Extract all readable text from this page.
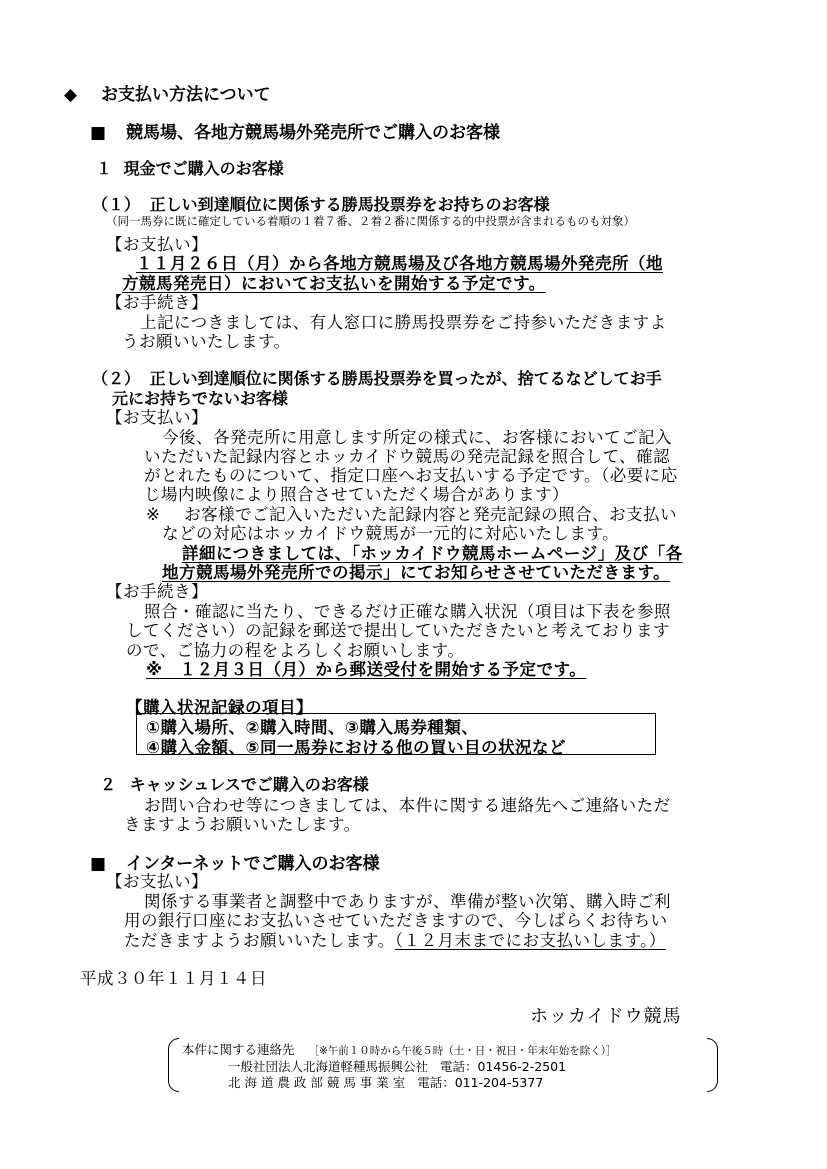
◆ お支払い方法について
■ 競馬場、各地方競馬場外発売所でご購入のお客様
１ 現金でご購入のお客様
（１） 正しい到達順位に関係する勝馬投票券をお持ちのお客様
（同一馬券に既に確定している着順の１着７番、２着２番に関係する的中投票が含まれるものも対象）
【お支払い】
１１月２６日（月）から各地方競馬場及び各地方競馬場外発売所（地
方競馬発売日）においてお支払いを開始する予定です。
【お手続き】
上記につきましては、有人窓口に勝馬投票券をご持参いただきますよ
うお願いいたします。
（２） 正しい到達順位に関係する勝馬投票券を買ったが、捨てるなどしてお手
元にお持ちでないお客様
【お支払い】
今後、各発売所に用意します所定の様式に、お客様においてご記入
いただいた記録内容とホッカイドウ競馬の発売記録を照合して、確認
がとれたものについて、指定口座へお支払いする予定です。（必要に応
じ場内映像により照合させていただく場合があります）
※ お客様でご記入いただいた記録内容と発売記録の照合、お支払い
などの対応はホッカイドウ競馬が一元的に対応いたします。
詳細につきましては、「ホッカイドウ競馬ホームページ」及び「各
地方競馬場外発売所での掲示」にてお知らせさせていただきます。
【お手続き】
照合・確認に当たり、できるだけ正確な購入状況（項目は下表を参照
してください）の記録を郵送で提出していただきたいと考えております
ので、ご協力の程をよろしくお願いします。
※　１２月３日（月）から郵送受付を開始する予定です。
【購入状況記録の項目】
①購入場所、②購入時間、③購入馬券種類、
④購入金額、⑤同一馬券における他の買い目の状況など
２ キャッシュレスでご購入のお客様
お問い合わせ等につきましては、本件に関する連絡先へご連絡いただ
きますようお願いいたします。
■ インターネットでご購入のお客様
【お支払い】
関係する事業者と調整中でありますが、準備が整い次第、購入時ご利
用の銀行口座にお支払いさせていただきますので、今しばらくお待ちい
ただきますようお願いいたします。（１２月末までにお支払いします。）
平成３０年１１月１４日
ホッカイドウ競馬
本件に関する連絡先 ［※午前１０時から午後５時（土・日・祝日・年末年始を除く）］
一般社団法人北海道軽種馬振興公社 電話：01456-2-2501
北 海 道 農 政 部 競 馬 事 業 室 電話：011-204-5377
